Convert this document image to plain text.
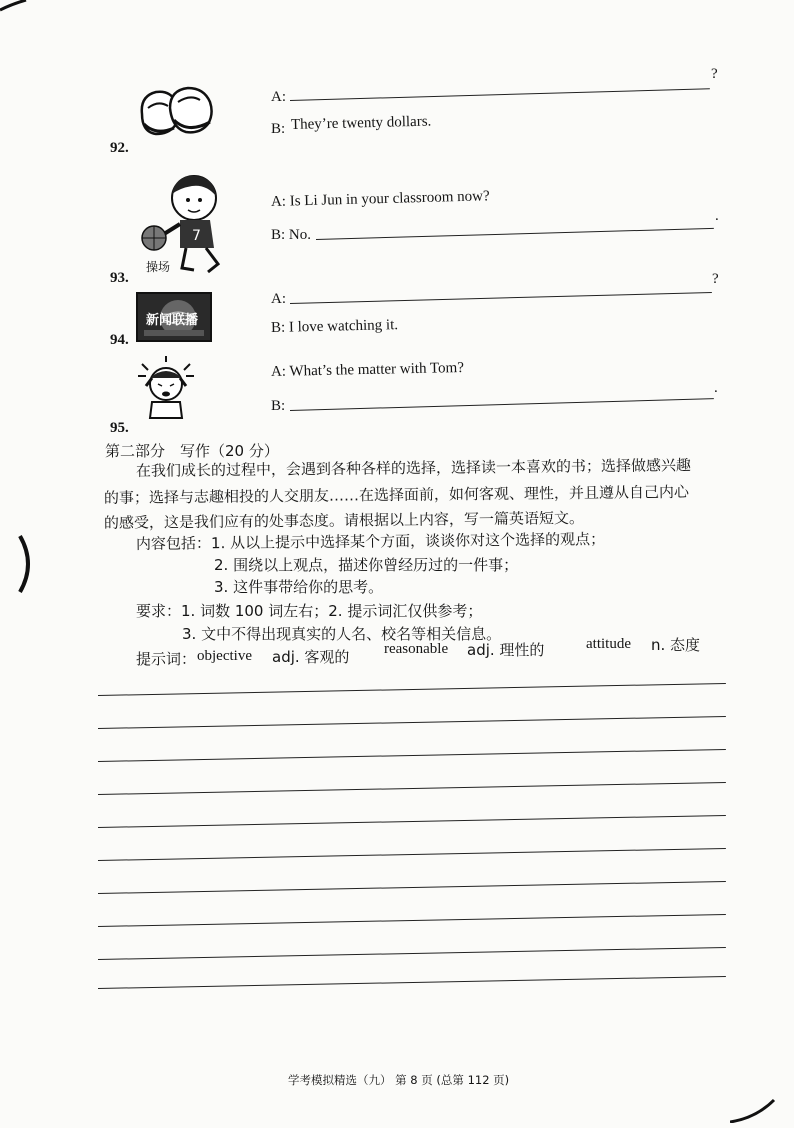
92.
A:
?
B: They’re twenty dollars.
7
操场
93.
A: Is Li Jun in your classroom now?
B: No.
.
新闻联播
94.
A:
?
B: I love watching it.
95.
A: What’s the matter with Tom?
B:
.
第二部分　写作（20 分）
在我们成长的过程中，会遇到各种各样的选择，选择读一本喜欢的书；选择做感兴趣
的事；选择与志趣相投的人交朋友……在选择面前，如何客观、理性，并且遵从自己内心
的感受，这是我们应有的处事态度。请根据以上内容，写一篇英语短文。
内容包括：1. 从以上提示中选择某个方面，谈谈你对这个选择的观点；
2. 围绕以上观点，描述你曾经历过的一件事；
3. 这件事带给你的思考。
要求：1. 词数 100 词左右；2. 提示词汇仅供参考；
3. 文中不得出现真实的人名、校名等相关信息。
提示词： objective adj. 客观的 reasonable adj. 理性的	attitude n. 态度
学考模拟精选（九） 第 8 页 (总第 112 页)
